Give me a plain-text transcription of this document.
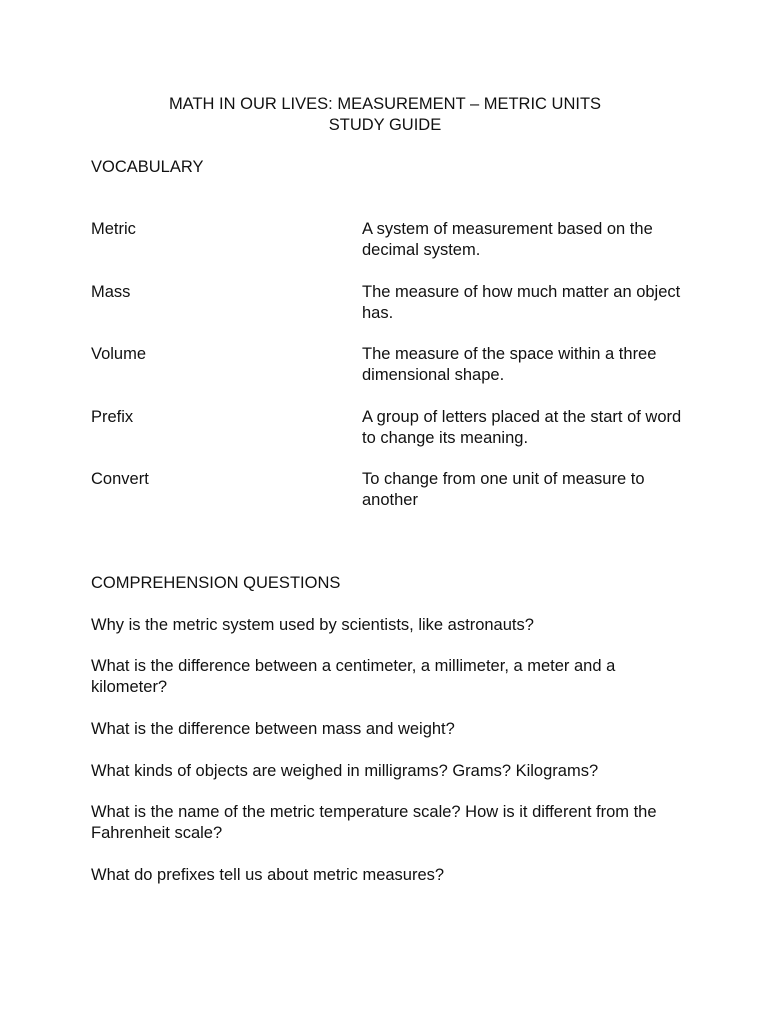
MATH IN OUR LIVES: MEASUREMENT – METRIC UNITS
STUDY GUIDE
VOCABULARY
Metric	A system of measurement based on the decimal system.
Mass	The measure of how much matter an object has.
Volume	The measure of the space within a three dimensional shape.
Prefix	A group of letters placed at the start of word to change its meaning.
Convert	To change from one unit of measure to another
COMPREHENSION QUESTIONS
Why is the metric system used by scientists, like astronauts?
What is the difference between a centimeter, a millimeter, a meter and a kilometer?
What is the difference between mass and weight?
What kinds of objects are weighed in milligrams? Grams? Kilograms?
What is the name of the metric temperature scale? How is it different from the Fahrenheit scale?
What do prefixes tell us about metric measures?
